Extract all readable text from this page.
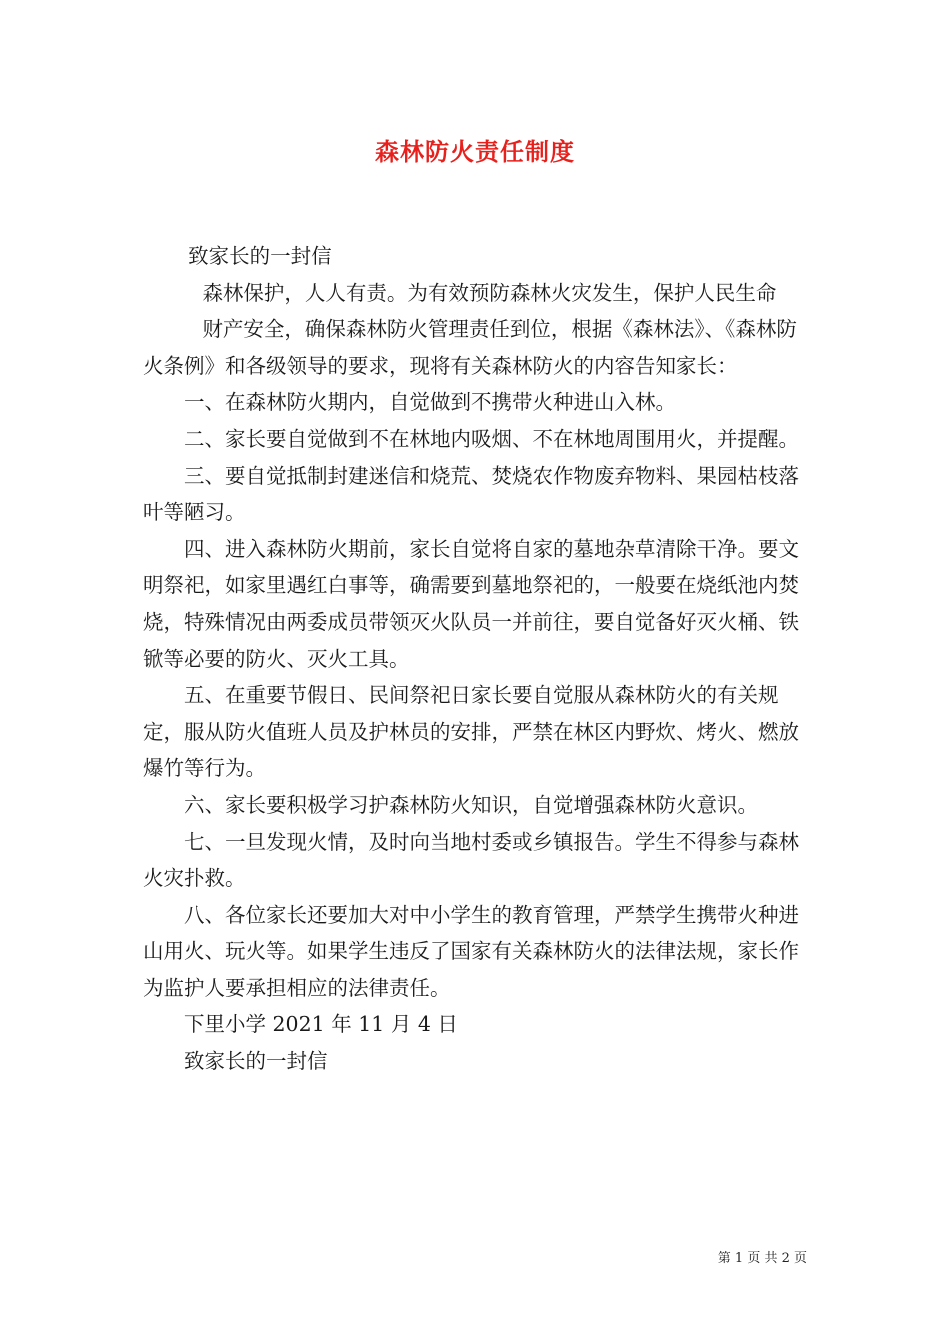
森林防火责任制度

致家长的一封信

森林保护，人人有责。为有效预防森林火灾发生，保护人民生命

财产安全，确保森林防火管理责任到位，根据《森林法》、《森林防火条例》和各级领导的要求，现将有关森林防火的内容告知家长：

一、在森林防火期内，自觉做到不携带火种进山入林。

二、家长要自觉做到不在林地内吸烟、不在林地周围用火，并提醒。

三、要自觉抵制封建迷信和烧荒、焚烧农作物废弃物料、果园枯枝落叶等陋习。

四、进入森林防火期前，家长自觉将自家的墓地杂草清除干净。要文明祭祀，如家里遇红白事等，确需要到墓地祭祀的，一般要在烧纸池内焚烧，特殊情况由两委成员带领灭火队员一并前往，要自觉备好灭火桶、铁锨等必要的防火、灭火工具。

五、在重要节假日、民间祭祀日家长要自觉服从森林防火的有关规定，服从防火值班人员及护林员的安排，严禁在林区内野炊、烤火、燃放爆竹等行为。

六、家长要积极学习护森林防火知识，自觉增强森林防火意识。

七、一旦发现火情，及时向当地村委或乡镇报告。学生不得参与森林火灾扑救。

八、各位家长还要加大对中小学生的教育管理，严禁学生携带火种进山用火、玩火等。如果学生违反了国家有关森林防火的法律法规，家长作为监护人要承担相应的法律责任。

下里小学 2021 年 11 月 4 日

致家长的一封信

第 1 页 共 2 页
